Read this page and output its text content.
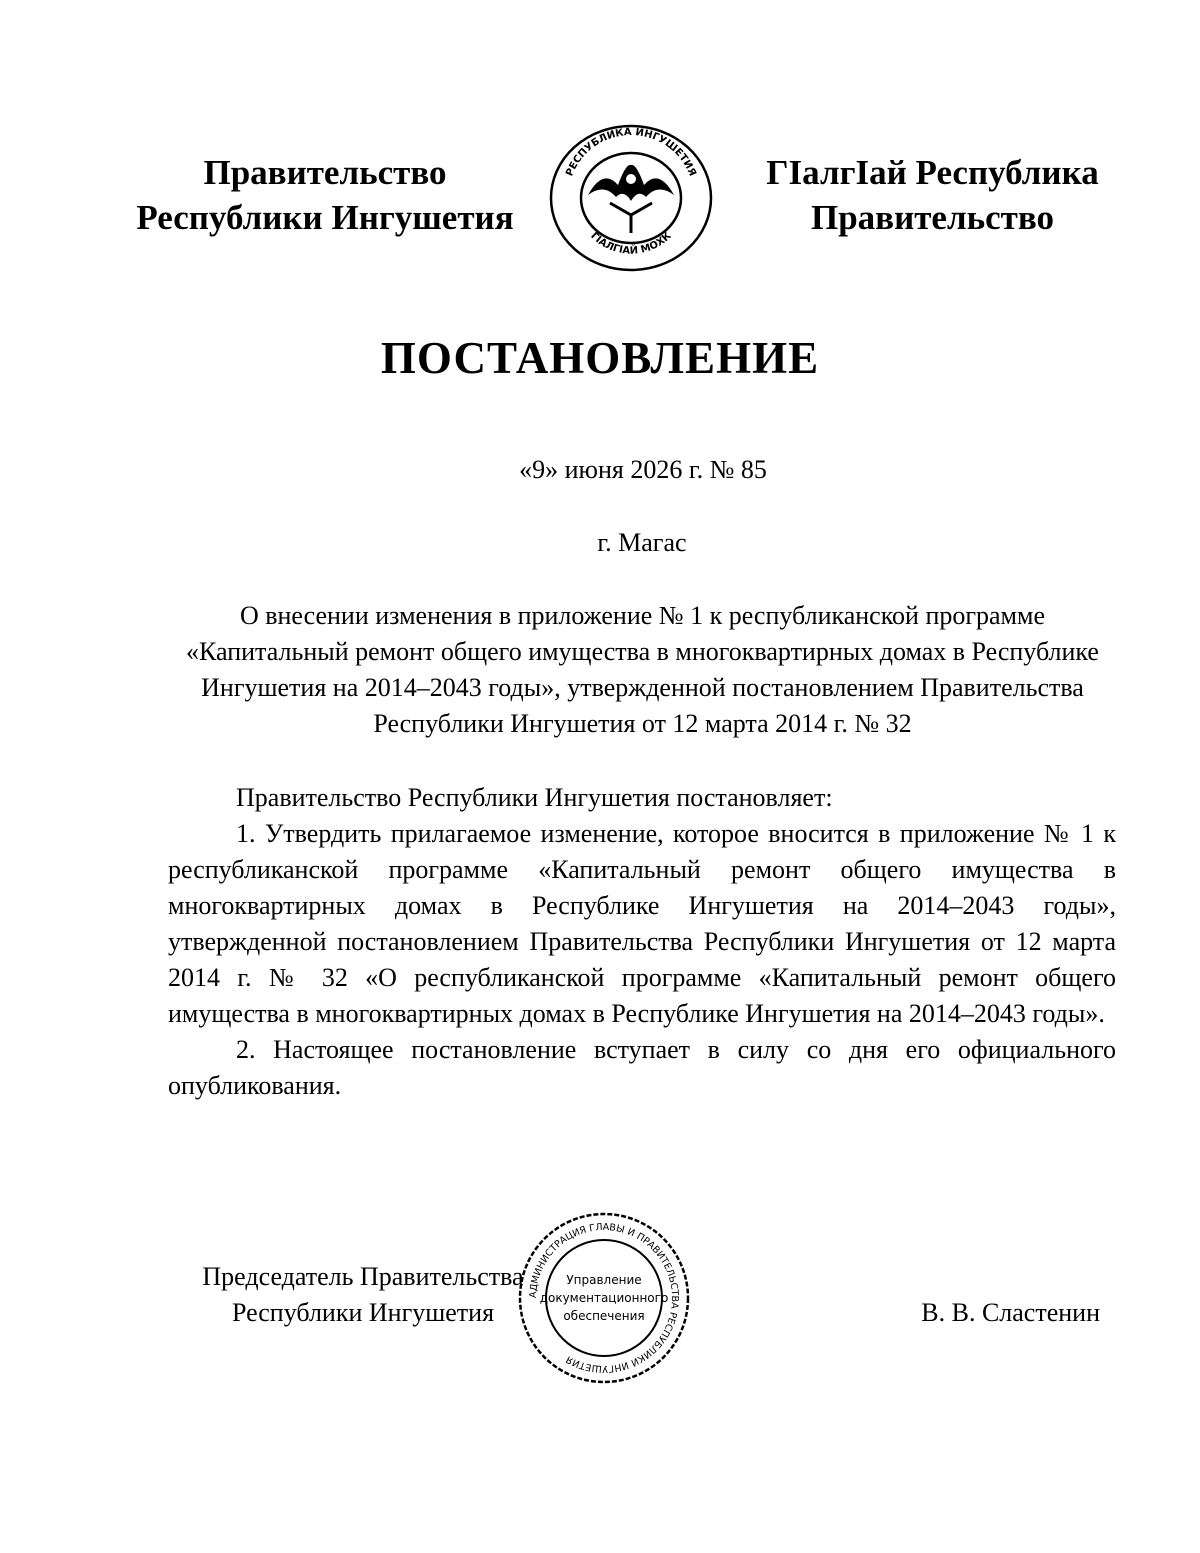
Правительство
Республики Ингушетия
РЕСПУБЛИКА ИНГУШЕТИЯ
ГIАЛГIАЙ МОХК
ГIалгIай Республика
Правительство
ПОСТАНОВЛЕНИЕ
«9» июня 2026 г. № 85
г. Магас
О внесении изменения в приложение № 1 к республиканской программе «Капитальный ремонт общего имущества в многоквартирных домах в Республике Ингушетия на 2014–2043 годы», утвержденной постановлением Правительства Республики Ингушетия от 12 марта 2014 г. № 32

Правительство Республики Ингушетия постановляет:

1. Утвердить прилагаемое изменение, которое вносится в приложение № 1 к республиканской программе «Капитальный ремонт общего имущества в многоквартирных домах в Республике Ингушетия на 2014–2043 годы», утвержденной постановлением Правительства Республики Ингушетия от 12 марта 2014 г. № 32 «О республиканской программе «Капитальный ремонт общего имущества в многоквартирных домах в Республике Ингушетия на 2014–2043 годы».

2. Настоящее постановление вступает в силу со дня его официального опубликования.

Председатель Правительства
Республики Ингушетия
АДМИНИСТРАЦИЯ ГЛАВЫ И ПРАВИТЕЛЬСТВА РЕСПУБЛИКИ ИНГУШЕТИЯ
Управление
документационного
обеспечения	В. В. Сластенин
